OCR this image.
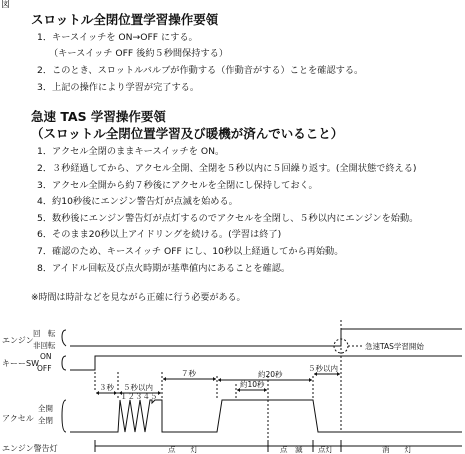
図
スロットル全閉位置学習操作要領
1．キースイッチを ON→OFF にする。
（キースイッチ OFF 後約５秒間保持する）
2．このとき、スロットルバルブが作動する（作動音がする）ことを確認する。
3．上記の操作により学習が完了する。
急速 TAS 学習操作要領
（スロットル全閉位置学習及び暖機が済んでいること）
1．アクセル全閉のままキースイッチを ON。
2．３秒経過してから、アクセル全開、全閉を５秒以内に５回繰り返す。(全開状態で終える)
3．アクセル全開から約７秒後にアクセルを全閉にし保持しておく。
4．約10秒後にエンジン警告灯が点滅を始める。
5．数秒後にエンジン警告灯が点灯するのでアクセルを全閉し、５秒以内にエンジンを始動。
6．そのまま20秒以上アイドリングを続ける。(学習は終了)
7．確認のため、キースイッチ OFF にし、10秒以上経過してから再始動。
8．アイドル回転及び点火時期が基準値内にあることを確認。
※時間は時計などを見ながら正確に行う必要がある。
エンジン
回　転
非回転
キーーSW
ON
OFF
アクセル
全開
全閉
エンジン警告灯
３秒 ５秒以内
１２３４５
７秒	約20秒
約10秒
５秒以内
急速TAS学習開始
点　　灯	点　滅 点灯	消　　灯
